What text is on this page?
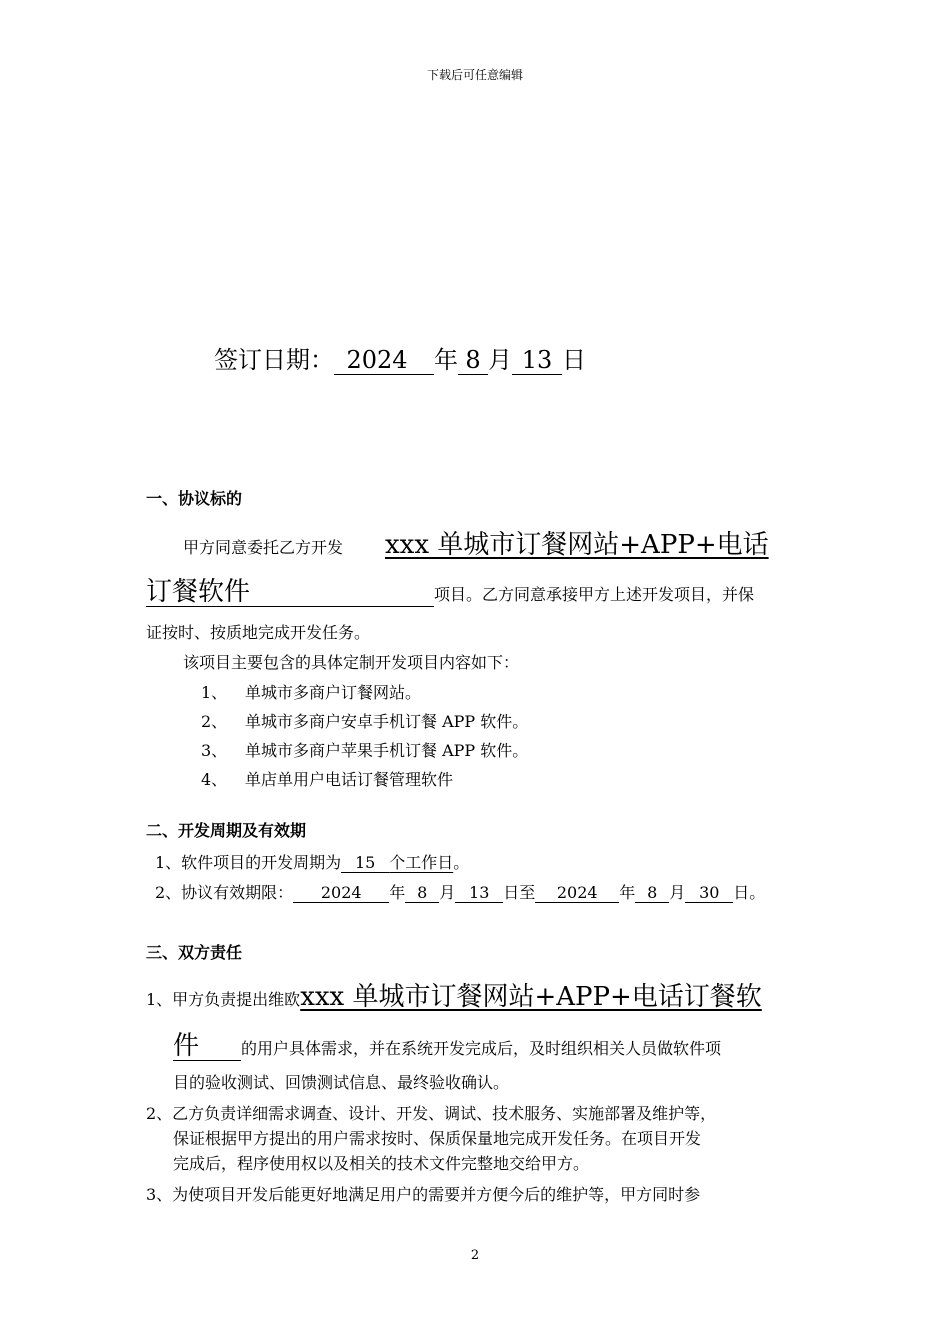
下载后可任意编辑
签订日期： 2024 年 8 月 13 日
一、协议标的
甲方同意委托乙方开发 xxx 单城市订餐网站+APP+电话
订餐软件	项目。乙方同意承接甲方上述开发项目，并保
证按时、按质地完成开发任务。
该项目主要包含的具体定制开发项目内容如下：
1、 单城市多商户订餐网站。
2、 单城市多商户安卓手机订餐 APP 软件。
3、 单城市多商户苹果手机订餐 APP 软件。
4、 单店单用户电话订餐管理软件
二、开发周期及有效期
1、软件项目的开发周期为 15 个工作日。
2、协议有效期限： 2024 年 8 月 13 日至 2024 年 8 月 30 日。
三、双方责任
1、甲方负责提出维欧xxx 单城市订餐网站+APP+电话订餐软
件	的用户具体需求，并在系统开发完成后，及时组织相关人员做软件项
目的验收测试、回馈测试信息、最终验收确认。
2、乙方负责详细需求调查、设计、开发、调试、技术服务、实施部署及维护等，
保证根据甲方提出的用户需求按时、保质保量地完成开发任务。在项目开发
完成后，程序使用权以及相关的技术文件完整地交给甲方。
3、为使项目开发后能更好地满足用户的需要并方便今后的维护等，甲方同时参
2
